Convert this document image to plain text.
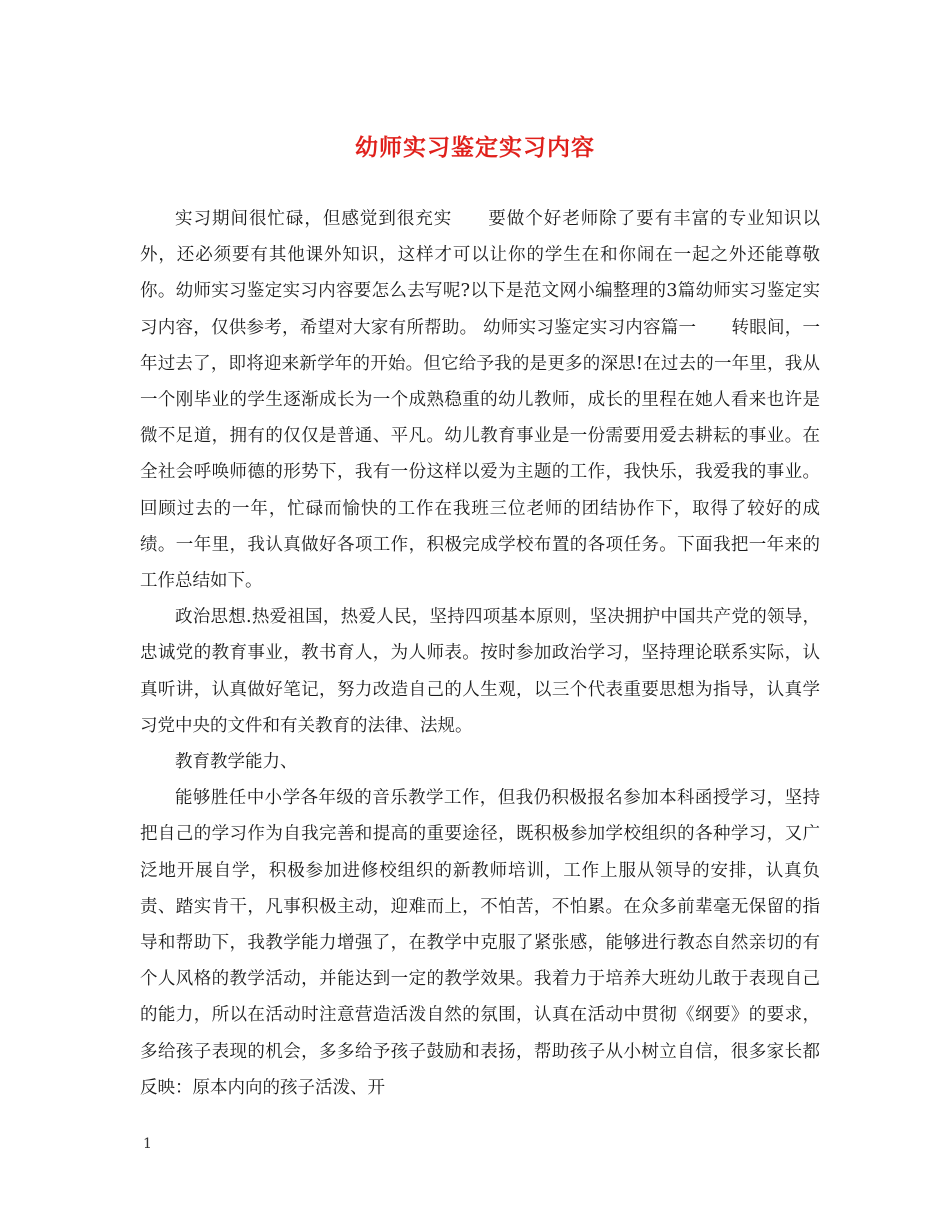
幼师实习鉴定实习内容

实习期间很忙碌，但感觉到很充实 要做个好老师除了要有丰富的专业知识以外，还必须要有其他课外知识，这样才可以让你的学生在和你闹在一起之外还能尊敬你。幼师实习鉴定实习内容要怎么去写呢?以下是范文网小编整理的3篇幼师实习鉴定实习内容，仅供参考，希望对大家有所帮助。 幼师实习鉴定实习内容篇一 转眼间，一年过去了，即将迎来新学年的开始。但它给予我的是更多的深思!在过去的一年里，我从一个刚毕业的学生逐渐成长为一个成熟稳重的幼儿教师，成长的里程在她人看来也许是微不足道，拥有的仅仅是普通、平凡。幼儿教育事业是一份需要用爱去耕耘的事业。在全社会呼唤师德的形势下，我有一份这样以爱为主题的工作，我快乐，我爱我的事业。回顾过去的一年，忙碌而愉快的工作在我班三位老师的团结协作下，取得了较好的成绩。一年里，我认真做好各项工作，积极完成学校布置的各项任务。下面我把一年来的工作总结如下。

政治思想.热爱祖国，热爱人民，坚持四项基本原则，坚决拥护中国共产党的领导，忠诚党的教育事业，教书育人，为人师表。按时参加政治学习，坚持理论联系实际，认真听讲，认真做好笔记，努力改造自己的人生观，以三个代表重要思想为指导，认真学习党中央的文件和有关教育的法律、法规。

教育教学能力、

能够胜任中小学各年级的音乐教学工作，但我仍积极报名参加本科函授学习，坚持把自己的学习作为自我完善和提高的重要途径，既积极参加学校组织的各种学习，又广泛地开展自学，积极参加进修校组织的新教师培训，工作上服从领导的安排，认真负责、踏实肯干，凡事积极主动，迎难而上，不怕苦，不怕累。在众多前辈毫无保留的指导和帮助下，我教学能力增强了，在教学中克服了紧张感，能够进行教态自然亲切的有个人风格的教学活动，并能达到一定的教学效果。我着力于培养大班幼儿敢于表现自己的能力，所以在活动时注意营造活泼自然的氛围，认真在活动中贯彻《纲要》的要求，多给孩子表现的机会，多多给予孩子鼓励和表扬，帮助孩子从小树立自信，很多家长都反映：原本内向的孩子活泼、开

1
